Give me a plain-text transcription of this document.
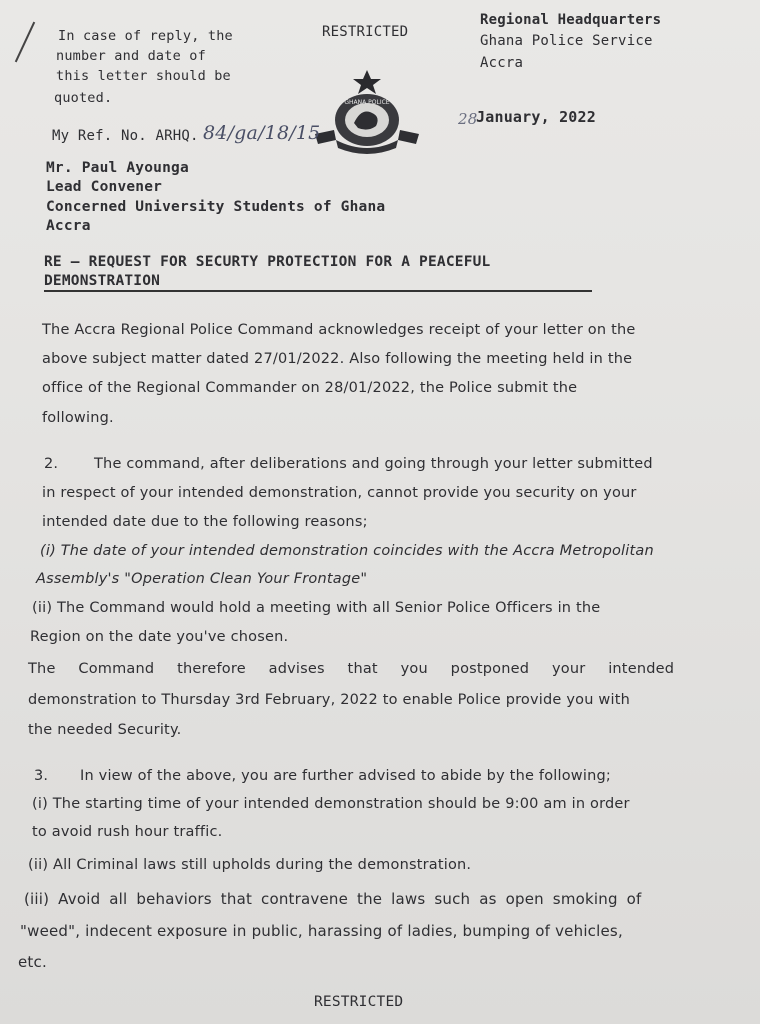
In case of reply, the
number and date of
this letter should be
quoted.
RESTRICTED
Regional Headquarters
Ghana Police Service
Accra
GHANA POLICE
My Ref. No. ARHQ. 84/ga/18/15
28
January, 2022
Mr. Paul Ayounga
Lead Convener
Concerned University Students of Ghana
Accra
RE – REQUEST FOR SECURTY PROTECTION FOR A PEACEFUL
DEMONSTRATION
The Accra Regional Police Command acknowledges receipt of your letter on the
above subject matter dated 27/01/2022. Also following the meeting held in the
office of the Regional Commander on 28/01/2022, the Police submit the
following.
2. The command, after deliberations and going through your letter submitted
in respect of your intended demonstration, cannot provide you security on your
intended date due to the following reasons;
(i) The date of your intended demonstration coincides with the Accra Metropolitan
Assembly's "Operation Clean Your Frontage"
(ii) The Command would hold a meeting with all Senior Police Officers in the
Region on the date you've chosen.
The Command therefore advises that you postponed your intended
demonstration to Thursday 3rd February, 2022 to enable Police provide you with
the needed Security.
3. In view of the above, you are further advised to abide by the following;
(i) The starting time of your intended demonstration should be 9:00 am in order
to avoid rush hour traffic.
(ii) All Criminal laws still upholds during the demonstration.
(iii) Avoid all behaviors that contravene the laws such as open smoking of
"weed", indecent exposure in public, harassing of ladies, bumping of vehicles,
etc.
RESTRICTED
